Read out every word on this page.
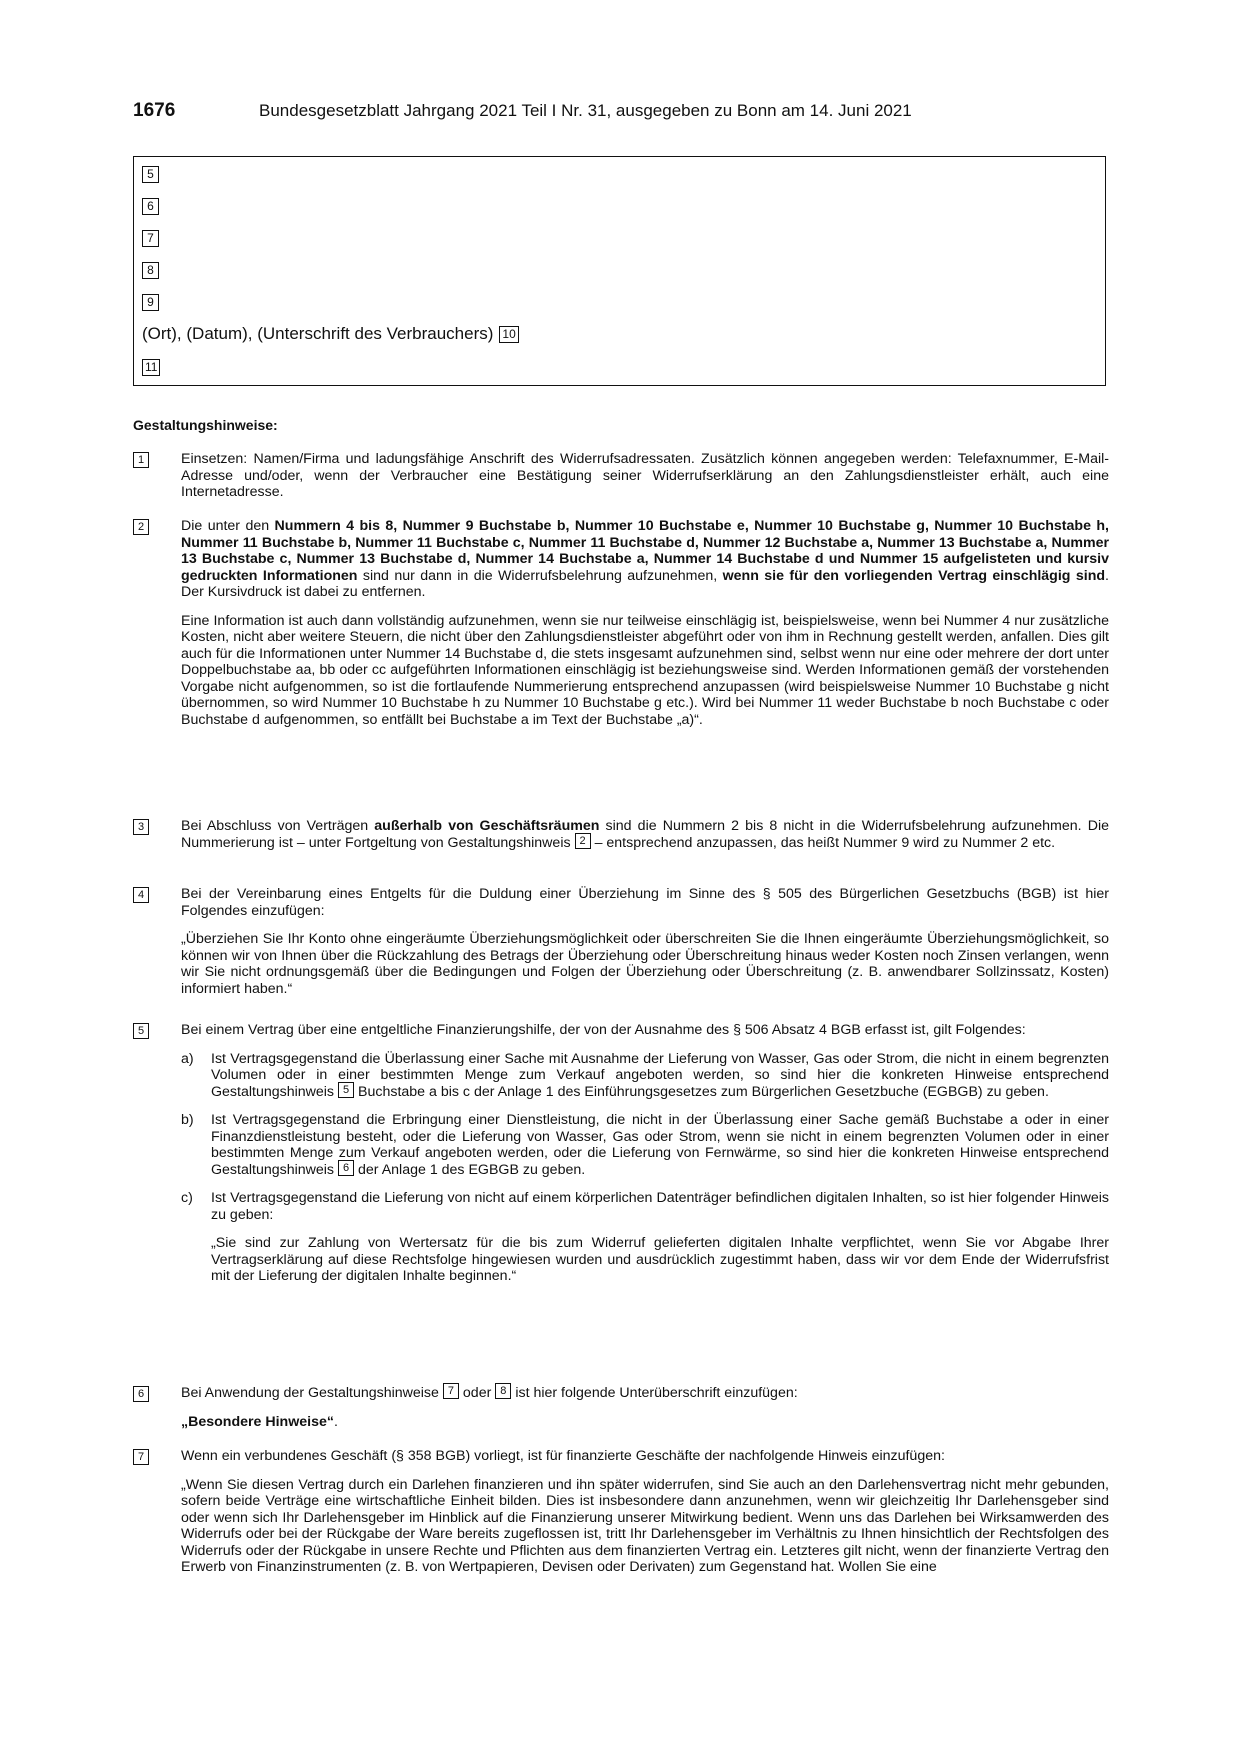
1676	Bundesgesetzblatt Jahrgang 2021 Teil I Nr. 31, ausgegeben zu Bonn am 14. Juni 2021
5
6
7
8
9
(Ort), (Datum), (Unterschrift des Verbrauchers) 10
11
Gestaltungshinweise:
1	Einsetzen: Namen/Firma und ladungsfähige Anschrift des Widerrufsadressaten. Zusätzlich können angegeben werden: Telefaxnummer, E-Mail-Adresse und/oder, wenn der Verbraucher eine Bestätigung seiner Widerrufserklärung an den Zahlungsdienstleister erhält, auch eine Internetadresse.

2	Die unter den Nummern 4 bis 8, Nummer 9 Buchstabe b, Nummer 10 Buchstabe e, Nummer 10 Buchstabe g, Nummer 10 Buchstabe h, Nummer 11 Buchstabe b, Nummer 11 Buchstabe c, Nummer 11 Buchstabe d, Nummer 12 Buchstabe a, Nummer 13 Buchstabe a, Nummer 13 Buchstabe c, Nummer 13 Buchstabe d, Nummer 14 Buchstabe a, Nummer 14 Buchstabe d und Nummer 15 aufgelisteten und kursiv gedruckten Informationen sind nur dann in die Widerrufsbelehrung aufzunehmen, wenn sie für den vorliegenden Vertrag einschlägig sind. Der Kursivdruck ist dabei zu entfernen.

Eine Information ist auch dann vollständig aufzunehmen, wenn sie nur teilweise einschlägig ist, beispielsweise, wenn bei Nummer 4 nur zusätzliche Kosten, nicht aber weitere Steuern, die nicht über den Zahlungsdienstleister abgeführt oder von ihm in Rechnung gestellt werden, anfallen. Dies gilt auch für die Informationen unter Nummer 14 Buchstabe d, die stets insgesamt aufzunehmen sind, selbst wenn nur eine oder mehrere der dort unter Doppelbuchstabe aa, bb oder cc aufgeführten Informationen einschlägig ist beziehungsweise sind. Werden Informationen gemäß der vorstehenden Vorgabe nicht aufgenommen, so ist die fortlaufende Nummerierung entsprechend anzupassen (wird beispielsweise Nummer 10 Buchstabe g nicht übernommen, so wird Nummer 10 Buchstabe h zu Nummer 10 Buchstabe g etc.). Wird bei Nummer 11 weder Buchstabe b noch Buchstabe c oder Buchstabe d aufgenommen, so entfällt bei Buchstabe a im Text der Buchstabe „a)“.

3	Bei Abschluss von Verträgen außerhalb von Geschäftsräumen sind die Nummern 2 bis 8 nicht in die Widerrufsbelehrung aufzunehmen. Die Nummerierung ist – unter Fortgeltung von Gestaltungshinweis 2 – entsprechend anzupassen, das heißt Nummer 9 wird zu Nummer 2 etc.

4	Bei der Vereinbarung eines Entgelts für die Duldung einer Überziehung im Sinne des § 505 des Bürgerlichen Gesetzbuchs (BGB) ist hier Folgendes einzufügen:

„Überziehen Sie Ihr Konto ohne eingeräumte Überziehungsmöglichkeit oder überschreiten Sie die Ihnen eingeräumte Überziehungsmöglichkeit, so können wir von Ihnen über die Rückzahlung des Betrags der Überziehung oder Überschreitung hinaus weder Kosten noch Zinsen verlangen, wenn wir Sie nicht ordnungsgemäß über die Bedingungen und Folgen der Überziehung oder Überschreitung (z. B. anwendbarer Sollzinssatz, Kosten) informiert haben.“

5	Bei einem Vertrag über eine entgeltliche Finanzierungshilfe, der von der Ausnahme des § 506 Absatz 4 BGB erfasst ist, gilt Folgendes:

a) Ist Vertragsgegenstand die Überlassung einer Sache mit Ausnahme der Lieferung von Wasser, Gas oder Strom, die nicht in einem begrenzten Volumen oder in einer bestimmten Menge zum Verkauf angeboten werden, so sind hier die konkreten Hinweise entsprechend Gestaltungshinweis 5 Buchstabe a bis c der Anlage 1 des Einführungsgesetzes zum Bürgerlichen Gesetzbuche (EGBGB) zu geben.

b) Ist Vertragsgegenstand die Erbringung einer Dienstleistung, die nicht in der Überlassung einer Sache gemäß Buchstabe a oder in einer Finanzdienstleistung besteht, oder die Lieferung von Wasser, Gas oder Strom, wenn sie nicht in einem begrenzten Volumen oder in einer bestimmten Menge zum Verkauf angeboten werden, oder die Lieferung von Fernwärme, so sind hier die konkreten Hinweise entsprechend Gestaltungshinweis 6 der Anlage 1 des EGBGB zu geben.

c) Ist Vertragsgegenstand die Lieferung von nicht auf einem körperlichen Datenträger befindlichen digitalen Inhalten, so ist hier folgender Hinweis zu geben:

„Sie sind zur Zahlung von Wertersatz für die bis zum Widerruf gelieferten digitalen Inhalte verpflichtet, wenn Sie vor Abgabe Ihrer Vertragserklärung auf diese Rechtsfolge hingewiesen wurden und ausdrücklich zugestimmt haben, dass wir vor dem Ende der Widerrufsfrist mit der Lieferung der digitalen Inhalte beginnen.“

6	Bei Anwendung der Gestaltungshinweise 7 oder 8 ist hier folgende Unterüberschrift einzufügen:

„Besondere Hinweise“.

7	Wenn ein verbundenes Geschäft (§ 358 BGB) vorliegt, ist für finanzierte Geschäfte der nachfolgende Hinweis einzufügen:

„Wenn Sie diesen Vertrag durch ein Darlehen finanzieren und ihn später widerrufen, sind Sie auch an den Darlehensvertrag nicht mehr gebunden, sofern beide Verträge eine wirtschaftliche Einheit bilden. Dies ist insbesondere dann anzunehmen, wenn wir gleichzeitig Ihr Darlehensgeber sind oder wenn sich Ihr Darlehensgeber im Hinblick auf die Finanzierung unserer Mitwirkung bedient. Wenn uns das Darlehen bei Wirksamwerden des Widerrufs oder bei der Rückgabe der Ware bereits zugeflossen ist, tritt Ihr Darlehensgeber im Verhältnis zu Ihnen hinsichtlich der Rechtsfolgen des Widerrufs oder der Rückgabe in unsere Rechte und Pflichten aus dem finanzierten Vertrag ein. Letzteres gilt nicht, wenn der finanzierte Vertrag den Erwerb von Finanzinstrumenten (z. B. von Wertpapieren, Devisen oder Derivaten) zum Gegenstand hat. Wollen Sie eine
